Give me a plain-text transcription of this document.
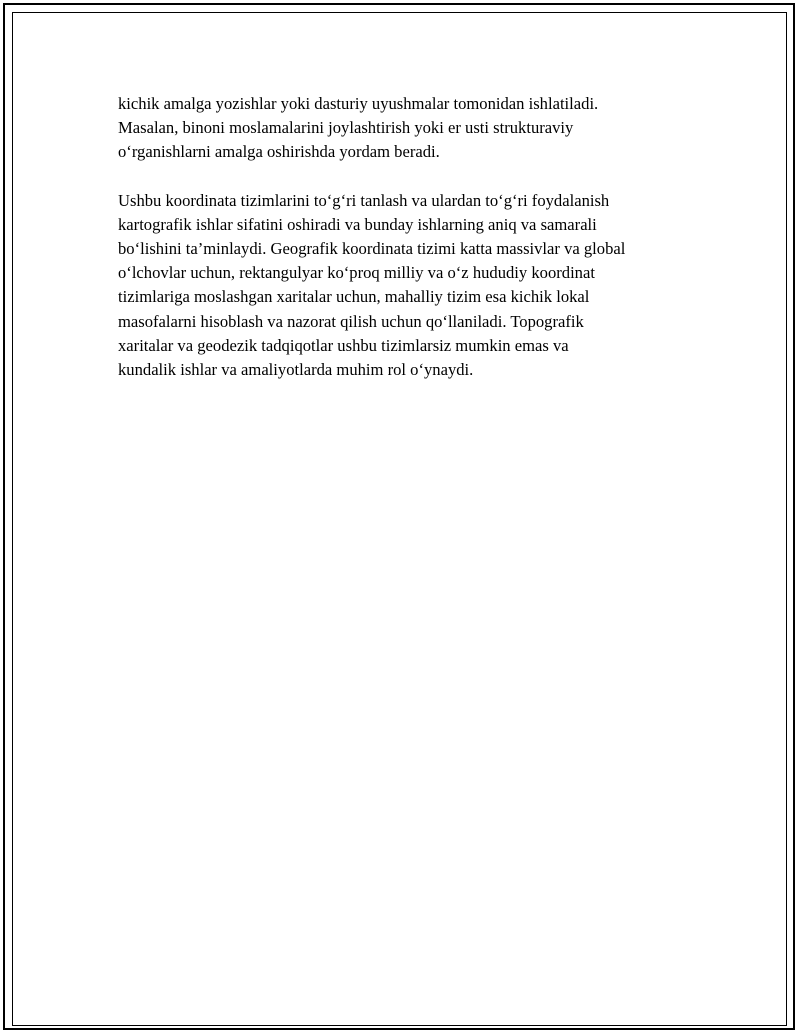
kichik amalga yozishlar yoki dasturiy uyushmalar tomonidan ishlatiladi.
Masalan, binoni moslamalarini joylashtirish yoki er usti strukturaviy
o‘rganishlarni amalga oshirishda yordam beradi.

Ushbu koordinata tizimlarini to‘g‘ri tanlash va ulardan to‘g‘ri foydalanish
kartografik ishlar sifatini oshiradi va bunday ishlarning aniq va samarali
bo‘lishini ta’minlaydi. Geografik koordinata tizimi katta massivlar va global
o‘lchovlar uchun, rektangulyar ko‘proq milliy va o‘z hududiy koordinat
tizimlariga moslashgan xaritalar uchun, mahalliy tizim esa kichik lokal
masofalarni hisoblash va nazorat qilish uchun qo‘llaniladi. Topografik
xaritalar va geodezik tadqiqotlar ushbu tizimlarsiz mumkin emas va
kundalik ishlar va amaliyotlarda muhim rol o‘ynaydi.
